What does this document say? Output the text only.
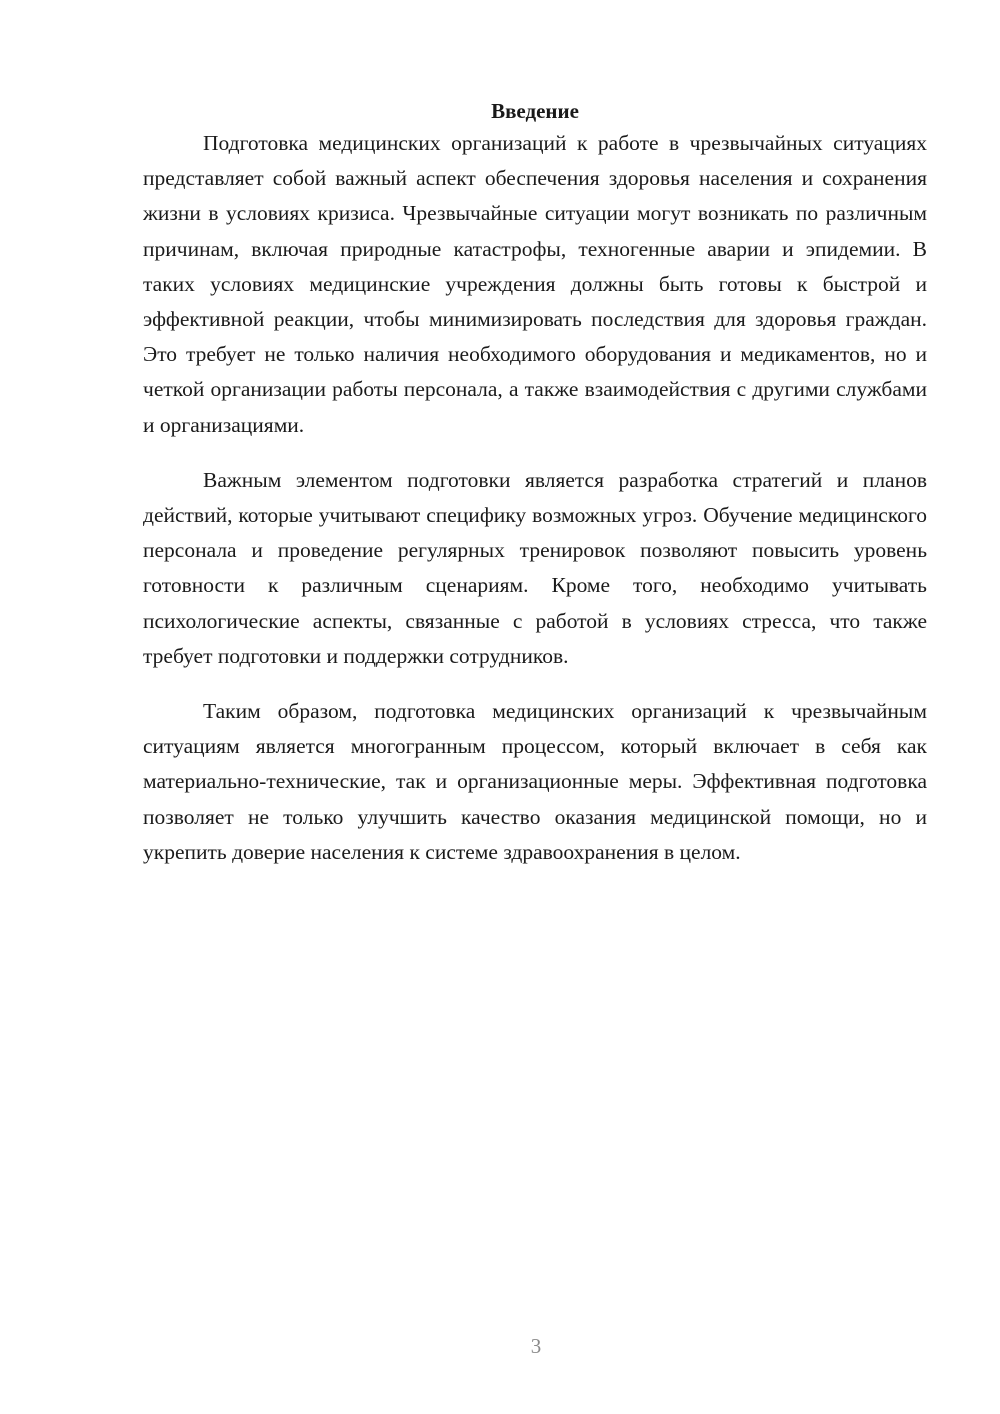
Введение

Подготовка медицинских организаций к работе в чрезвычайных ситуациях представляет собой важный аспект обеспечения здоровья населения и сохранения жизни в условиях кризиса. Чрезвычайные ситуации могут возникать по различным причинам, включая природные катастрофы, техногенные аварии и эпидемии. В таких условиях медицинские учреждения должны быть готовы к быстрой и эффективной реакции, чтобы минимизировать последствия для здоровья граждан. Это требует не только наличия необходимого оборудования и медикаментов, но и четкой организации работы персонала, а также взаимодействия с другими службами и организациями.

Важным элементом подготовки является разработка стратегий и планов действий, которые учитывают специфику возможных угроз. Обучение медицинского персонала и проведение регулярных тренировок позволяют повысить уровень готовности к различным сценариям. Кроме того, необходимо учитывать психологические аспекты, связанные с работой в условиях стресса, что также требует подготовки и поддержки сотрудников.

Таким образом, подготовка медицинских организаций к чрезвычайным ситуациям является многогранным процессом, который включает в себя как материально-технические, так и организационные меры. Эффективная подготовка позволяет не только улучшить качество оказания медицинской помощи, но и укрепить доверие населения к системе здравоохранения в целом.

3
